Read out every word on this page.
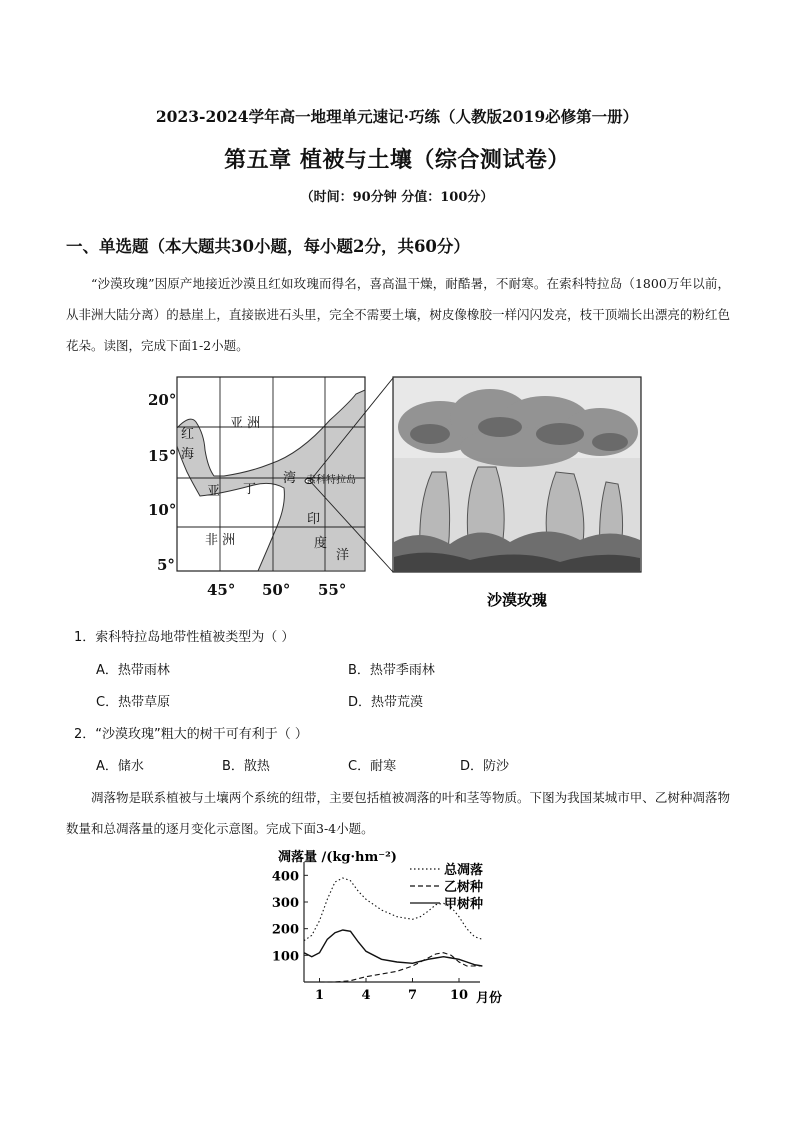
2023-2024学年高一地理单元速记·巧练（人教版2019必修第一册）
第五章 植被与土壤（综合测试卷）
（时间：90分钟 分值：100分）
一、单选题（本大题共30小题，每小题2分，共60分）
“沙漠玫瑰”因原产地接近沙漠且红如玫瑰而得名，喜高温干燥，耐酷暑，不耐寒。在索科特拉岛（1800万年以前，从非洲大陆分离）的悬崖上，直接嵌进石头里，完全不需要土壤，树皮像橡胶一样闪闪发亮，枝干顶端长出漂亮的粉红色花朵。读图，完成下面1-2小题。
20°
15°
10°
5°
45° 50° 55°
亚 洲
红
海
亚 丁
湾 索科特拉岛
非 洲
印
度
洋
沙漠玫瑰
1．索科特拉岛地带性植被类型为（ ）
A．热带雨林	B．热带季雨林
C．热带草原	D．热带荒漠
2．“沙漠玫瑰”粗大的树干可有利于（ ）
A．储水	B．散热	C．耐寒	D．防沙
凋落物是联系植被与土壤两个系统的纽带，主要包括植被凋落的叶和茎等物质。下图为我国某城市甲、乙树种凋落物数量和总凋落量的逐月变化示意图。完成下面3-4小题。
100
200
300
400
1	4	7	10
凋落量 /(kg·hm⁻²)
月份
总凋落
乙树种
甲树种
